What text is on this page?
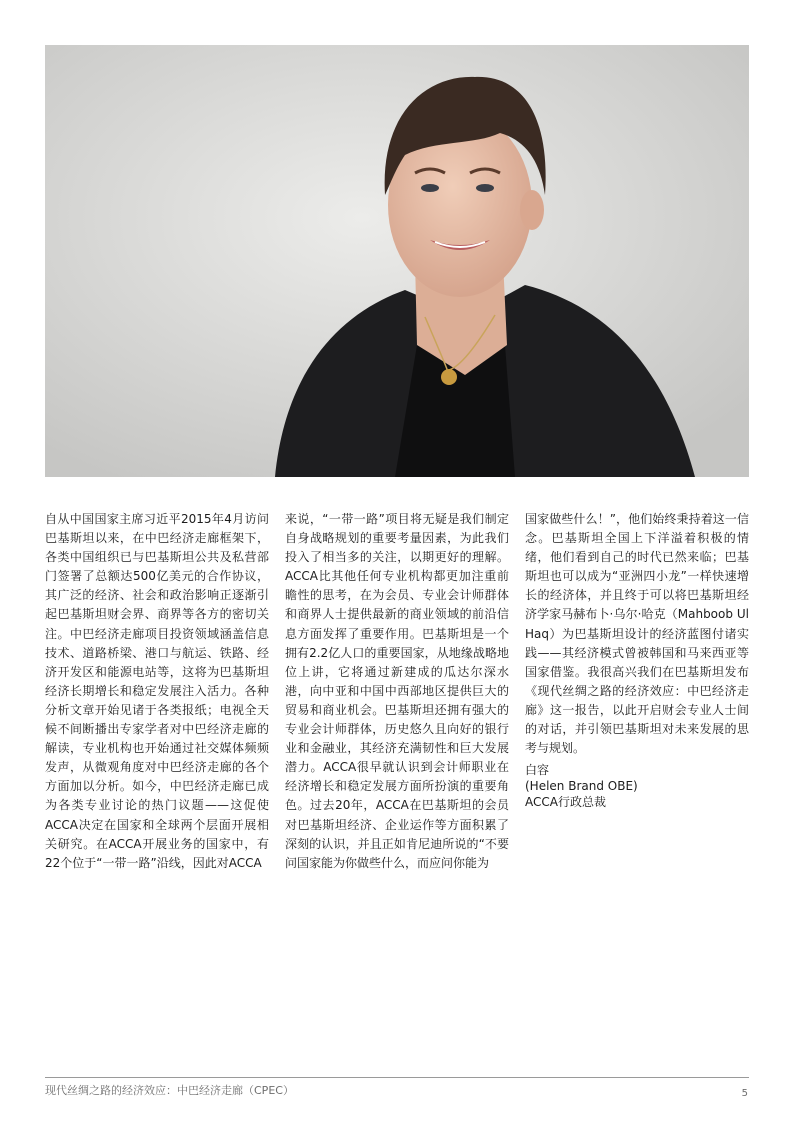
自从中国国家主席习近平2015年4月访问巴基斯坦以来，在中巴经济走廊框架下，各类中国组织已与巴基斯坦公共及私营部门签署了总额达500亿美元的合作协议，其广泛的经济、社会和政治影响正逐渐引起巴基斯坦财会界、商界等各方的密切关注。中巴经济走廊项目投资领域涵盖信息技术、道路桥梁、港口与航运、铁路、经济开发区和能源电站等，这将为巴基斯坦经济长期增长和稳定发展注入活力。各种分析文章开始见诸于各类报纸；电视全天候不间断播出专家学者对中巴经济走廊的解读，专业机构也开始通过社交媒体频频发声，从微观角度对中巴经济走廊的各个方面加以分析。如今，中巴经济走廊已成为各类专业讨论的热门议题——这促使ACCA决定在国家和全球两个层面开展相关研究。在ACCA开展业务的国家中，有22个位于“一带一路”沿线，因此对ACCA

来说，“一带一路”项目将无疑是我们制定自身战略规划的重要考量因素，为此我们投入了相当多的关注，以期更好的理解。ACCA比其他任何专业机构都更加注重前瞻性的思考，在为会员、专业会计师群体和商界人士提供最新的商业领域的前沿信息方面发挥了重要作用。巴基斯坦是一个拥有2.2亿人口的重要国家，从地缘战略地位上讲，它将通过新建成的瓜达尔深水港，向中亚和中国中西部地区提供巨大的贸易和商业机会。巴基斯坦还拥有强大的专业会计师群体，历史悠久且向好的银行业和金融业，其经济充满韧性和巨大发展潜力。ACCA很早就认识到会计师职业在经济增长和稳定发展方面所扮演的重要角色。过去20年，ACCA在巴基斯坦的会员对巴基斯坦经济、企业运作等方面积累了深刻的认识，并且正如肯尼迪所说的“不要问国家能为你做些什么，而应问你能为

国家做些什么！”，他们始终秉持着这一信念。巴基斯坦全国上下洋溢着积极的情绪，他们看到自己的时代已然来临；巴基斯坦也可以成为“亚洲四小龙”一样快速增长的经济体，并且终于可以将巴基斯坦经济学家马赫布卜·乌尔·哈克（Mahboob Ul Haq）为巴基斯坦设计的经济蓝图付诸实践——其经济模式曾被韩国和马来西亚等国家借鉴。我很高兴我们在巴基斯坦发布《现代丝绸之路的经济效应：中巴经济走廊》这一报告，以此开启财会专业人士间的对话，并引领巴基斯坦对未来发展的思考与规划。

白容
(Helen Brand OBE)
ACCA行政总裁
现代丝绸之路的经济效应：中巴经济走廊（CPEC）	5
